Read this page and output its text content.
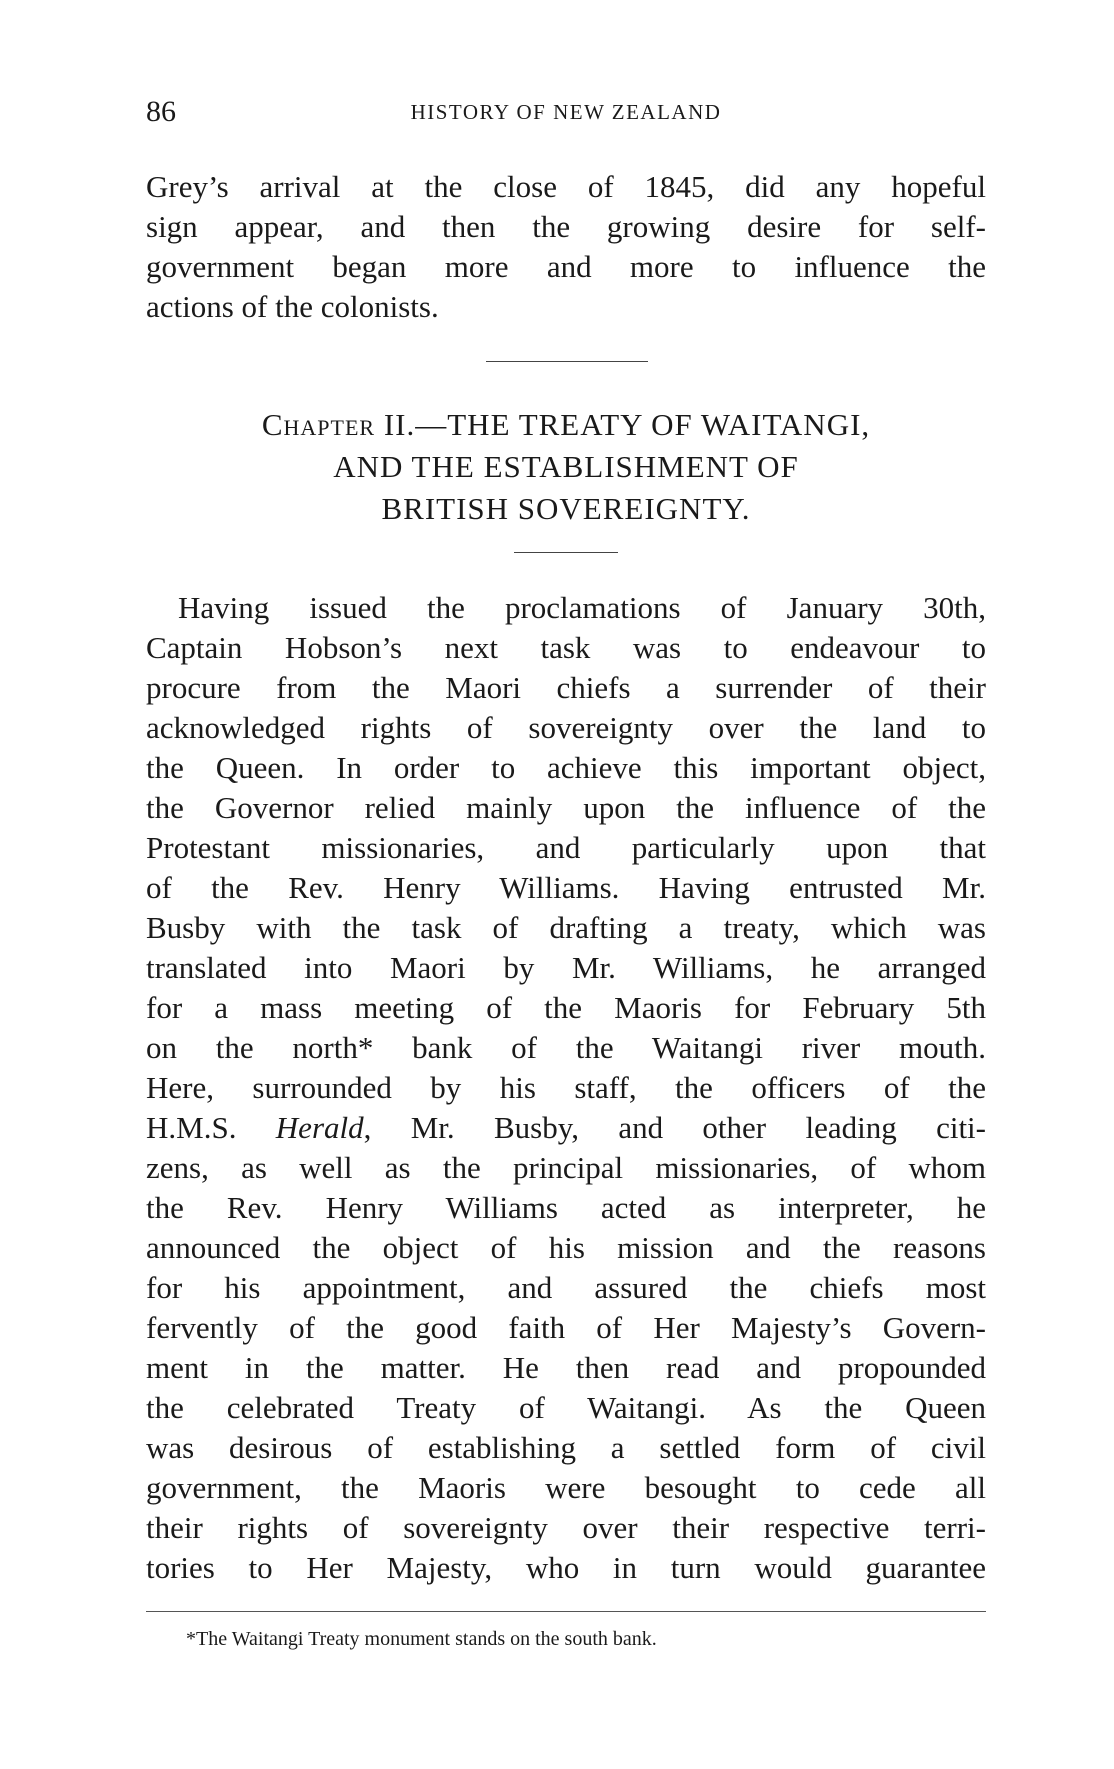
86	HISTORY OF NEW ZEALAND
Grey’s arrival at the close of 1845, did any hopeful
sign appear, and then the growing desire for self-
government began more and more to influence the
actions of the colonists.
Chapter II.—THE TREATY OF WAITANGI,
AND THE ESTABLISHMENT OF
BRITISH SOVEREIGNTY.
Having issued the proclamations of January 30th,
Captain Hobson’s next task was to endeavour to
procure from the Maori chiefs a surrender of their
acknowledged rights of sovereignty over the land to
the Queen. In order to achieve this important object,
the Governor relied mainly upon the influence of the
Protestant missionaries, and particularly upon that
of the Rev. Henry Williams. Having entrusted Mr.
Busby with the task of drafting a treaty, which was
translated into Maori by Mr. Williams, he arranged
for a mass meeting of the Maoris for February 5th
on the north* bank of the Waitangi river mouth.
Here, surrounded by his staff, the officers of the
H.M.S. Herald, Mr. Busby, and other leading citi-
zens, as well as the principal missionaries, of whom
the Rev. Henry Williams acted as interpreter, he
announced the object of his mission and the reasons
for his appointment, and assured the chiefs most
fervently of the good faith of Her Majesty’s Govern-
ment in the matter. He then read and propounded
the celebrated Treaty of Waitangi. As the Queen
was desirous of establishing a settled form of civil
government, the Maoris were besought to cede all
their rights of sovereignty over their respective terri-
tories to Her Majesty, who in turn would guarantee
*The Waitangi Treaty monument stands on the south bank.
